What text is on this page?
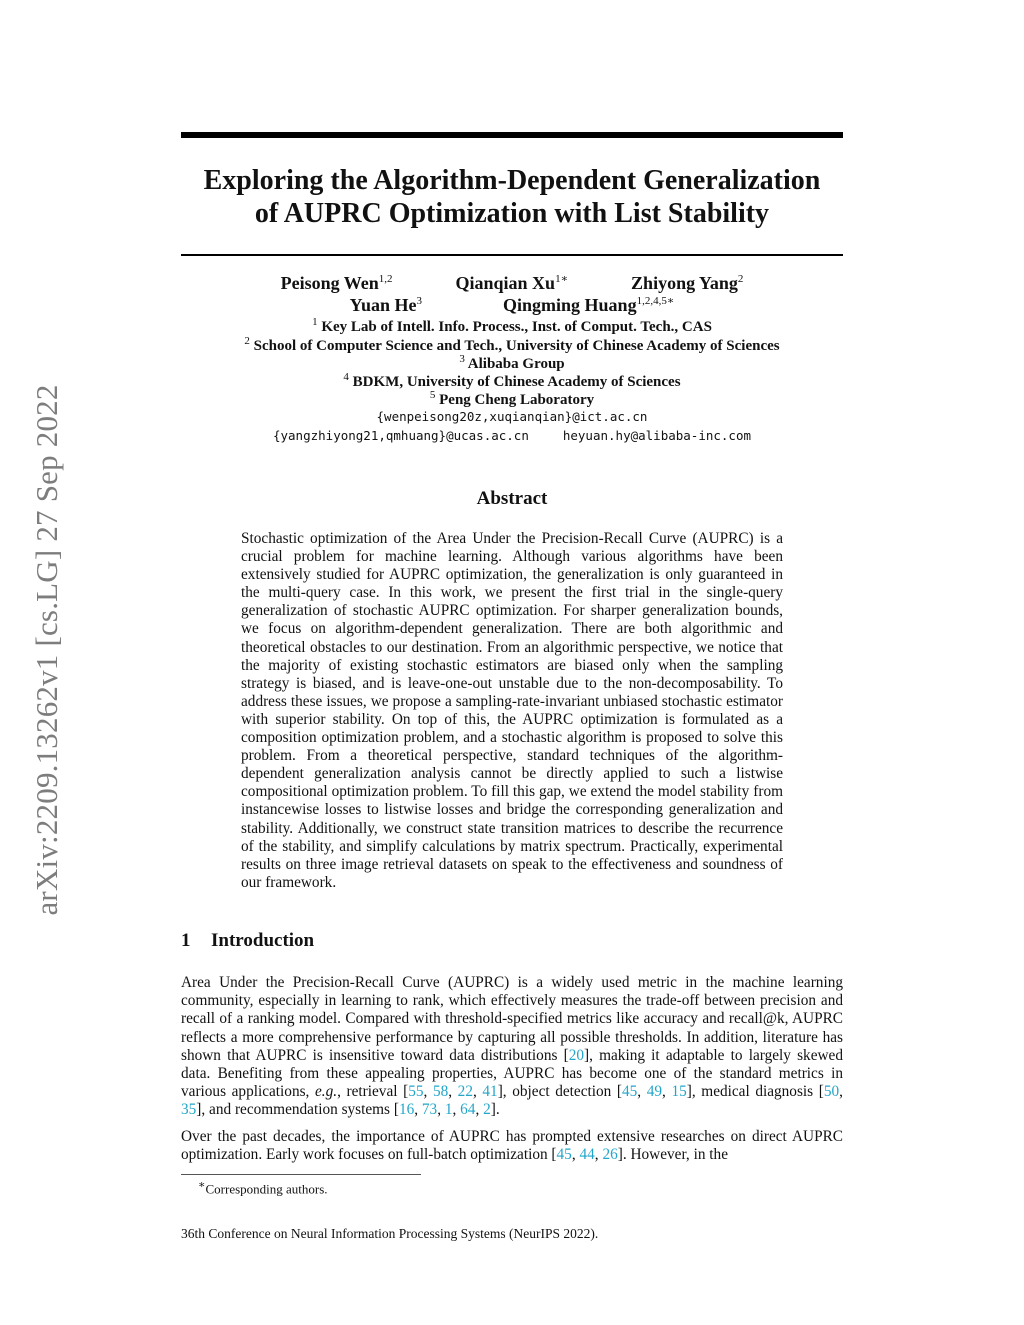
arXiv:2209.13262v1 [cs.LG] 27 Sep 2022
Exploring the Algorithm-Dependent Generalization
of AUPRC Optimization with List Stability
Peisong Wen$^{1,2}$	Qianqian $Xu^{1∗}$	Zhiyong Yang$^2$
Yuan He$^3$	Qingming Huang$^{1,2,4,5∗}$
$^1$ Key Lab of Intell. Info. Process., Inst. of Comput. Tech., CAS
$^2$ School of Computer Science and Tech., University of Chinese Academy of Sciences
$^3$ Alibaba Group
$^4$ BDKM, University of Chinese Academy of Sciences
$^5$ Peng Cheng Laboratory
{wenpeisong20z,xuqianqian}@ict.ac.cn
{yangzhiyong21,qmhuang}@ucas.ac.cn	heyuan.hy@alibaba-inc.com
Abstract
Stochastic optimization of the Area Under the Precision-Recall Curve (AUPRC) is a crucial problem for machine learning. Although various algorithms have been extensively studied for AUPRC optimization, the generalization is only guaranteed in the multi-query case. In this work, we present the first trial in the single-query generalization of stochastic AUPRC optimization. For sharper generalization bounds, we focus on algorithm-dependent generalization. There are both algorithmic and theoretical obstacles to our destination. From an algorithmic perspective, we notice that the majority of existing stochastic estimators are biased only when the sampling strategy is biased, and is leave-one-out unstable due to the non-decomposability. To address these issues, we propose a sampling-rate-invariant unbiased stochastic estimator with superior stability. On top of this, the AUPRC optimization is formulated as a composition optimization problem, and a stochastic algorithm is proposed to solve this problem. From a theoretical perspective, standard techniques of the algorithm-dependent generalization analysis cannot be directly applied to such a listwise compositional optimization problem. To fill this gap, we extend the model stability from instancewise losses to listwise losses and bridge the corresponding generalization and stability. Additionally, we construct state transition matrices to describe the recurrence of the stability, and simplify calculations by matrix spectrum. Practically, experimental results on three image retrieval datasets on speak to the effectiveness and soundness of our framework.
1 Introduction
Area Under the Precision-Recall Curve (AUPRC) is a widely used metric in the machine learning community, especially in learning to rank, which effectively measures the trade-off between precision and recall of a ranking model. Compared with threshold-specified metrics like accuracy and recall@k, AUPRC reflects a more comprehensive performance by capturing all possible thresholds. In addition, literature has shown that AUPRC is insensitive toward data distributions [20], making it adaptable to largely skewed data. Benefiting from these appealing properties, AUPRC has become one of the standard metrics in various applications, e.g., retrieval [55, 58, 22, 41], object detection [45, 49, 15], medical diagnosis [50, 35], and recommendation systems [16, 73, 1, 64, 2].
Over the past decades, the importance of AUPRC has prompted extensive researches on direct AUPRC optimization. Early work focuses on full-batch optimization [45, 44, 26]. However, in the
∗Corresponding authors.
36th Conference on Neural Information Processing Systems (NeurIPS 2022).
